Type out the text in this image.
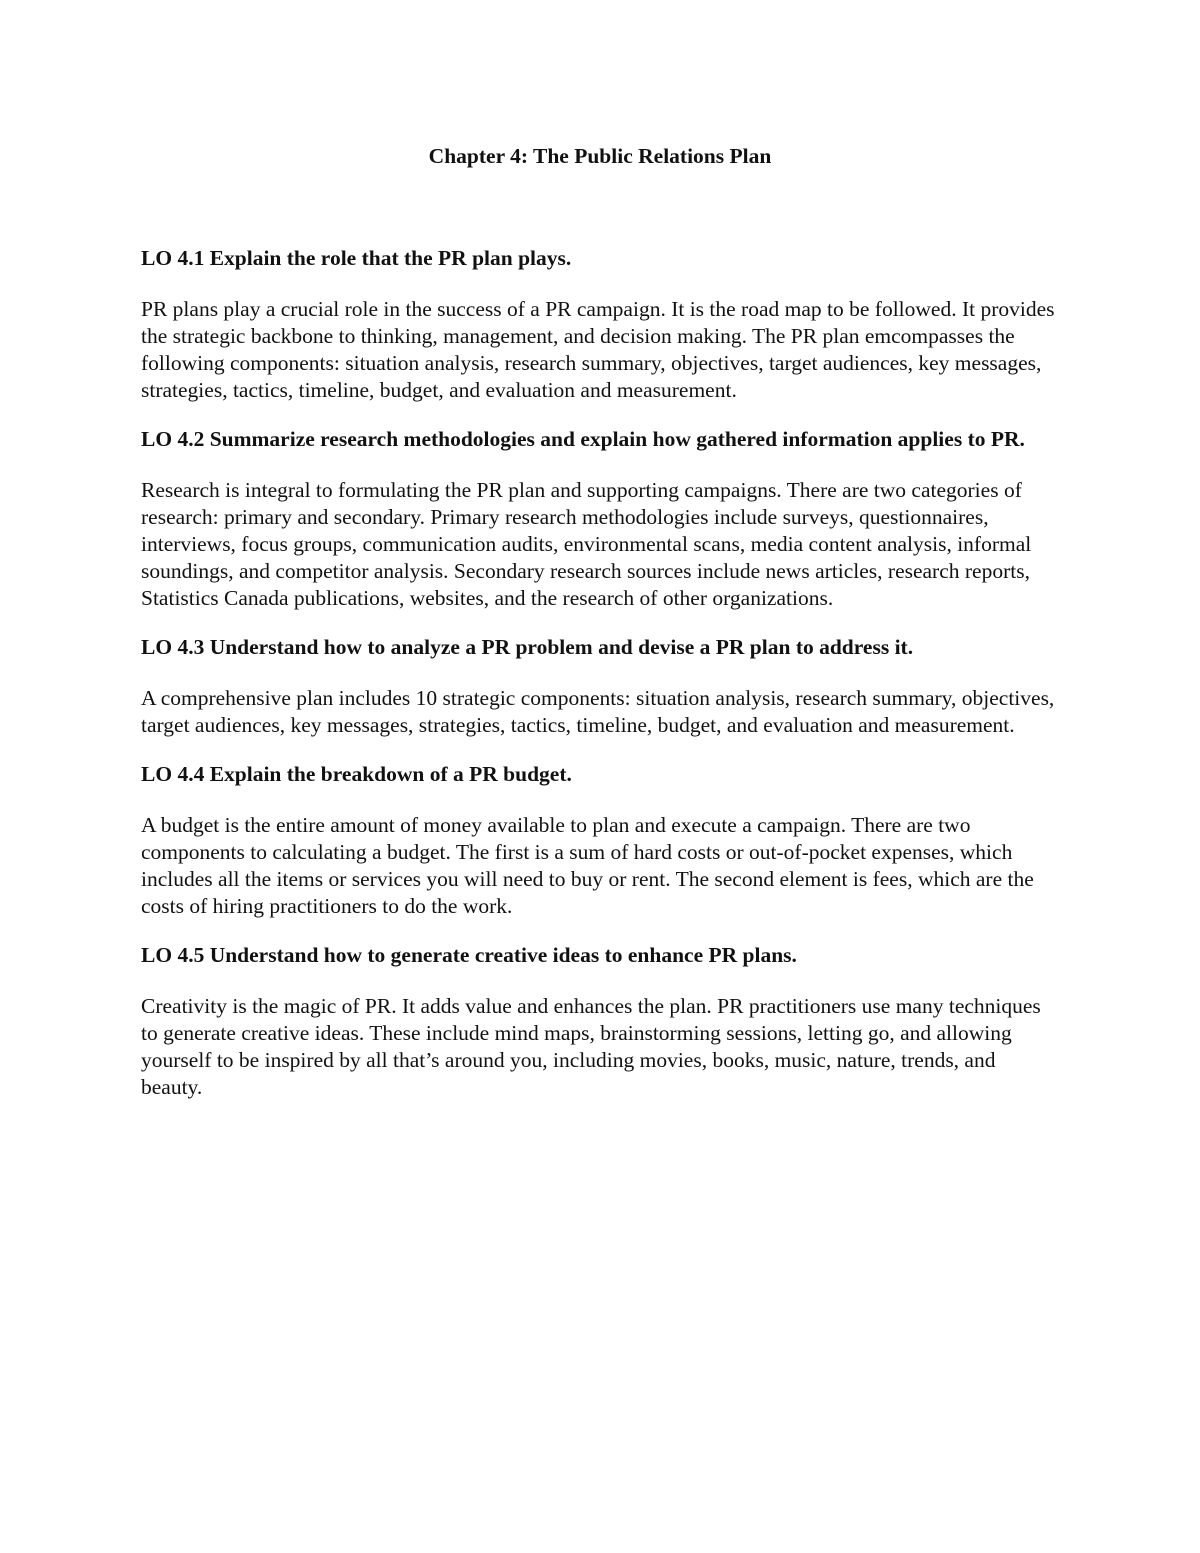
Chapter 4: The Public Relations Plan

LO 4.1 Explain the role that the PR plan plays.

PR plans play a crucial role in the success of a PR campaign. It is the road map to be followed. It provides the strategic backbone to thinking, management, and decision making. The PR plan emcompasses the following components: situation analysis, research summary, objectives, target audiences, key messages, strategies, tactics, timeline, budget, and evaluation and measurement.

LO 4.2 Summarize research methodologies and explain how gathered information applies to PR.

Research is integral to formulating the PR plan and supporting campaigns. There are two categories of research: primary and secondary. Primary research methodologies include surveys, questionnaires, interviews, focus groups, communication audits, environmental scans, media content analysis, informal soundings, and competitor analysis. Secondary research sources include news articles, research reports, Statistics Canada publications, websites, and the research of other organizations.

LO 4.3 Understand how to analyze a PR problem and devise a PR plan to address it.

A comprehensive plan includes 10 strategic components: situation analysis, research summary, objectives, target audiences, key messages, strategies, tactics, timeline, budget, and evaluation and measurement.

LO 4.4 Explain the breakdown of a PR budget.

A budget is the entire amount of money available to plan and execute a campaign. There are two components to calculating a budget. The first is a sum of hard costs or out-of-pocket expenses, which includes all the items or services you will need to buy or rent. The second element is fees, which are the costs of hiring practitioners to do the work.

LO 4.5 Understand how to generate creative ideas to enhance PR plans.

Creativity is the magic of PR. It adds value and enhances the plan. PR practitioners use many techniques to generate creative ideas. These include mind maps, brainstorming sessions, letting go, and allowing yourself to be inspired by all that’s around you, including movies, books, music, nature, trends, and beauty.
